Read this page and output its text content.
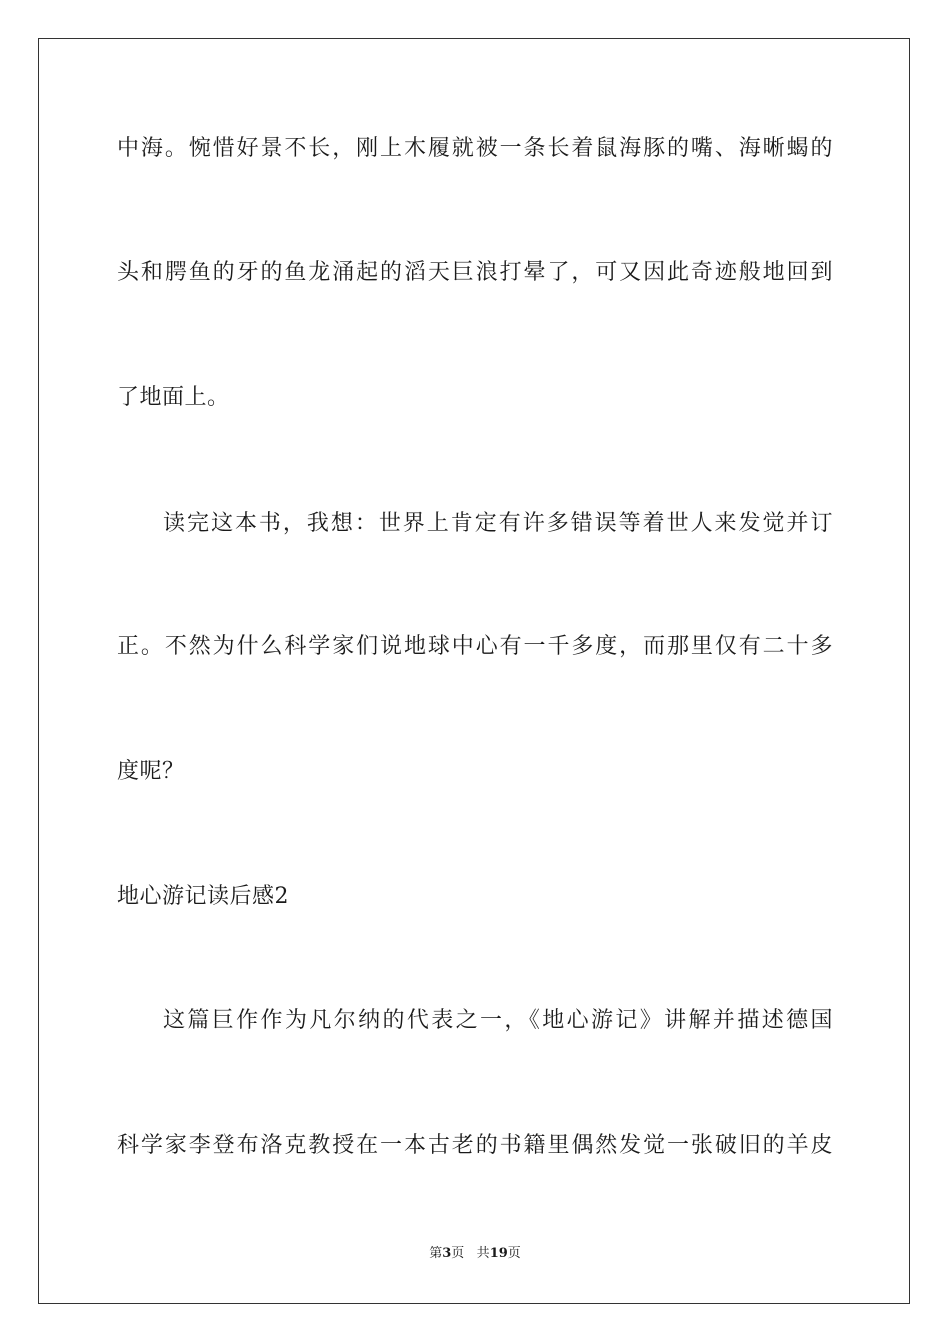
中海。惋惜好景不长，刚上木履就被一条长着鼠海豚的嘴、海晰蝎的
头和腭鱼的牙的鱼龙涌起的滔天巨浪打晕了，可又因此奇迹般地回到
了地面上。
读完这本书，我想：世界上肯定有许多错误等着世人来发觉并订
正。不然为什么科学家们说地球中心有一千多度，而那里仅有二十多
度呢？
地心游记读后感2
这篇巨作作为凡尔纳的代表之一，《地心游记》讲解并描述德国
科学家李登布洛克教授在一本古老的书籍里偶然发觉一张破旧的羊皮
第3页 共19页
